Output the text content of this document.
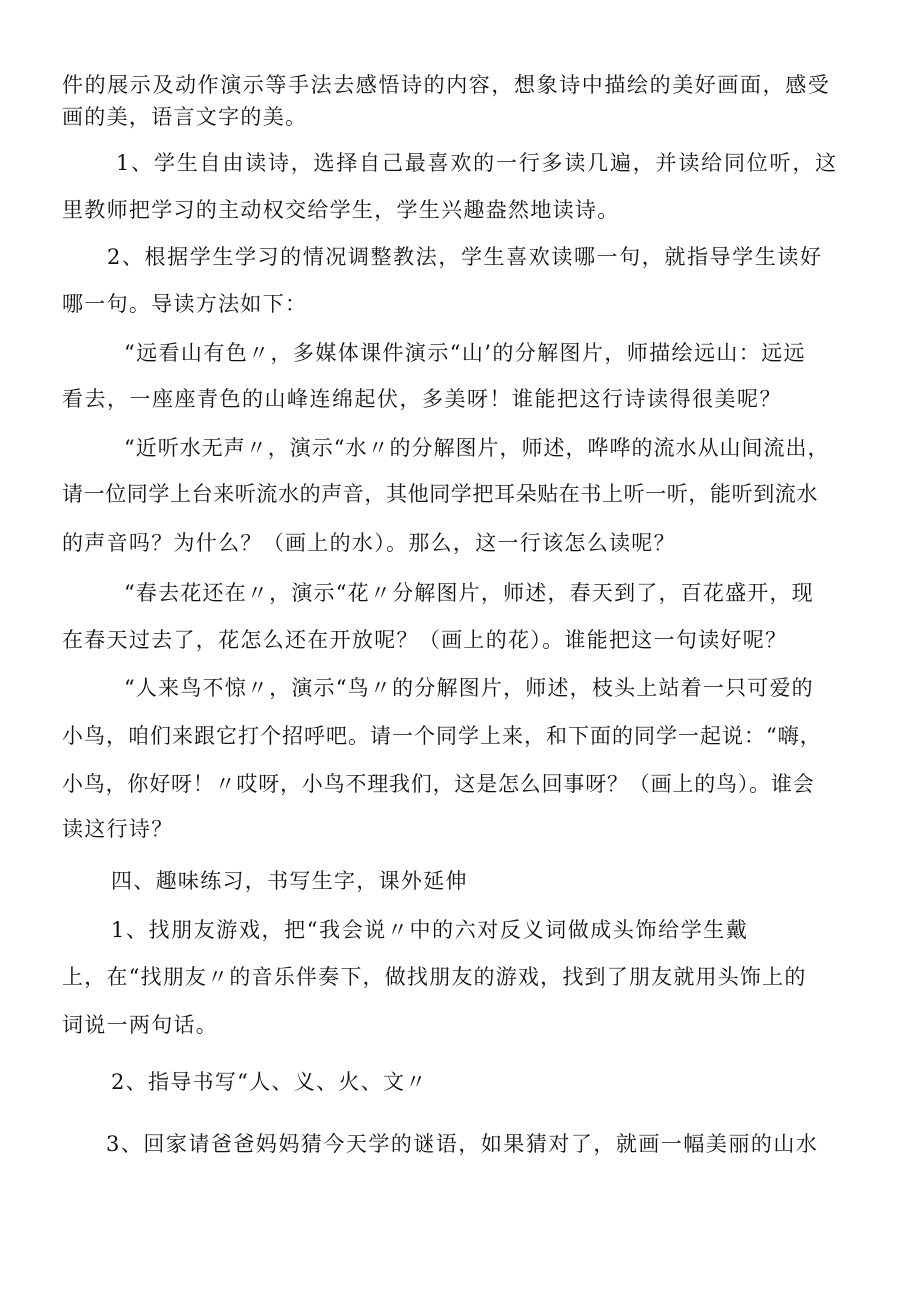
件的展示及动作演示等手法去感悟诗的内容，想象诗中描绘的美好画面，感受
画的美，语言文字的美。
1、学生自由读诗，选择自己最喜欢的一行多读几遍，并读给同位听，这
里教师把学习的主动权交给学生，学生兴趣盎然地读诗。
2、根据学生学习的情况调整教法，学生喜欢读哪一句，就指导学生读好
哪一句。导读方法如下：
“远看山有色〃，多媒体课件演示“山’的分解图片，师描绘远山：远远
看去，一座座青色的山峰连绵起伏，多美呀！谁能把这行诗读得很美呢？
“近听水无声〃，演示“水〃的分解图片，师述，哗哗的流水从山间流出，
请一位同学上台来听流水的声音，其他同学把耳朵贴在书上听一听，能听到流水
的声音吗？为什么？（画上的水）。那么，这一行该怎么读呢？
“春去花还在〃，演示“花〃分解图片，师述，春天到了，百花盛开，现
在春天过去了，花怎么还在开放呢？（画上的花）。谁能把这一句读好呢？
“人来鸟不惊〃，演示“鸟〃的分解图片，师述，枝头上站着一只可爱的
小鸟，咱们来跟它打个招呼吧。请一个同学上来，和下面的同学一起说：“嗨，
小鸟，你好呀！〃哎呀，小鸟不理我们，这是怎么回事呀？（画上的鸟）。谁会
读这行诗？
四、趣味练习，书写生字，课外延伸
1、找朋友游戏，把“我会说〃中的六对反义词做成头饰给学生戴
上，在“找朋友〃的音乐伴奏下，做找朋友的游戏，找到了朋友就用头饰上的
词说一两句话。
2、指导书写“人、义、火、文〃
3、回家请爸爸妈妈猜今天学的谜语，如果猜对了，就画一幅美丽的山水
